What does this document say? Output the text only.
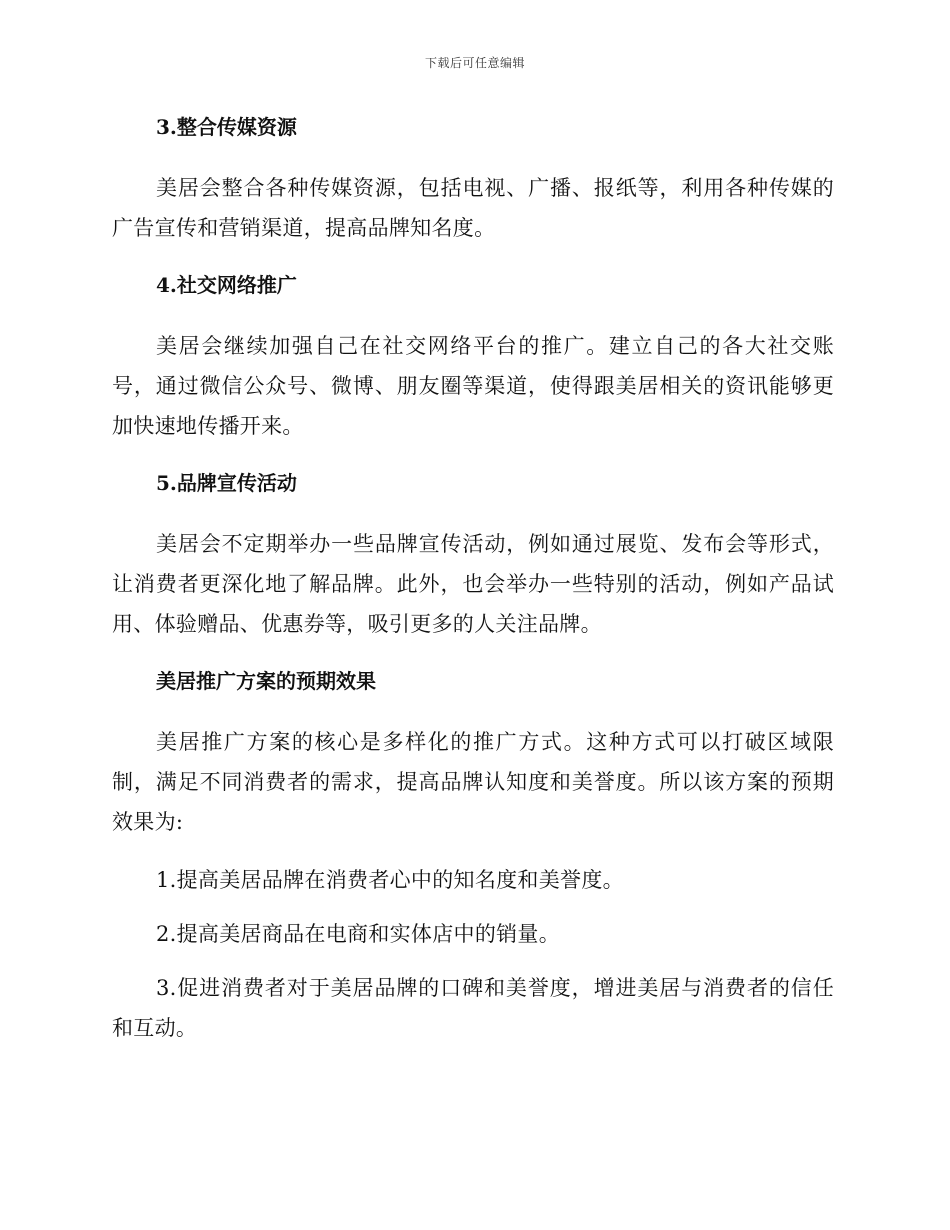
下载后可任意编辑
3.整合传媒资源
美居会整合各种传媒资源，包括电视、广播、报纸等，利用各种传媒的广告宣传和营销渠道，提高品牌知名度。
4.社交网络推广
美居会继续加强自己在社交网络平台的推广。建立自己的各大社交账号，通过微信公众号、微博、朋友圈等渠道，使得跟美居相关的资讯能够更加快速地传播开来。
5.品牌宣传活动
美居会不定期举办一些品牌宣传活动，例如通过展览、发布会等形式，让消费者更深化地了解品牌。此外，也会举办一些特别的活动，例如产品试用、体验赠品、优惠券等，吸引更多的人关注品牌。
美居推广方案的预期效果
美居推广方案的核心是多样化的推广方式。这种方式可以打破区域限制，满足不同消费者的需求，提高品牌认知度和美誉度。所以该方案的预期效果为:
1.提高美居品牌在消费者心中的知名度和美誉度。
2.提高美居商品在电商和实体店中的销量。
3.促进消费者对于美居品牌的口碑和美誉度，增进美居与消费者的信任和互动。
